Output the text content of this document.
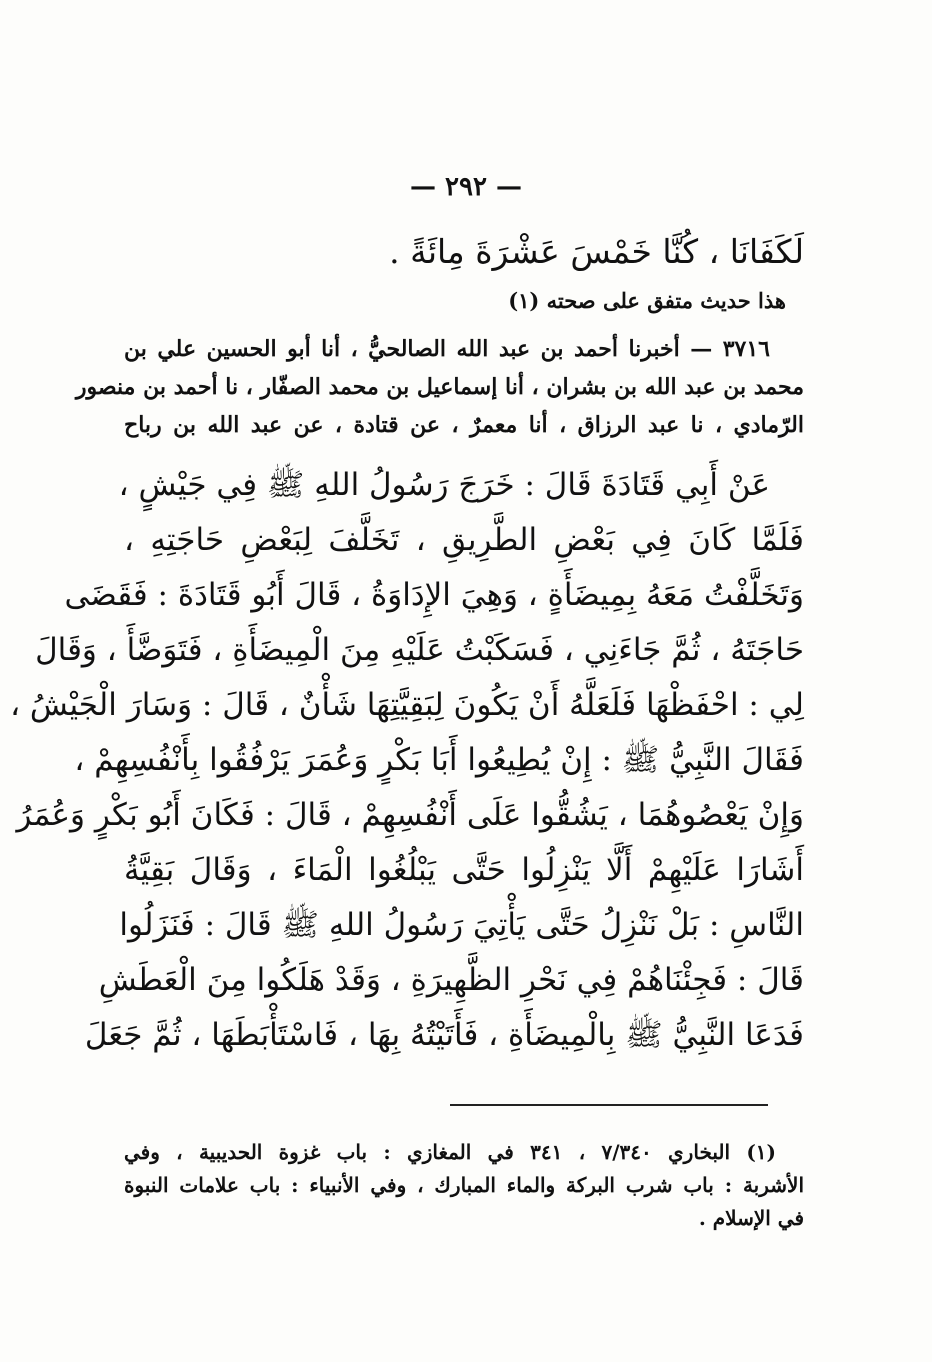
— ٢٩٢ —
لَكَفَانَا ، كُنَّا خَمْسَ عَشْرَةَ مِائَةً .
هذا حديث متفق على صحته (١)
٣٧١٦ — أخبرنا أحمد بن عبد الله الصالحيُّ ، أنا أبو الحسين علي بن
محمد بن عبد الله بن بشران ، أنا إسماعيل بن محمد الصفّار ، نا أحمد بن منصور
الرّمادي ، نا عبد الرزاق ، أنا معمرٌ ، عن قتادة ، عن عبد الله بن رباح
عَنْ أَبِي قَتَادَةَ قَالَ : خَرَجَ رَسُولُ اللهِ ﷺ فِي جَيْشٍ ،
فَلَمَّا كَانَ فِي بَعْضِ الطَّرِيقِ ، تَخَلَّفَ لِبَعْضِ حَاجَتِهِ ،
وَتَخَلَّفْتُ مَعَهُ بِمِيضَأَةٍ ، وَهِيَ الإِدَاوَةُ ، قَالَ أَبُو قَتَادَةَ : فَقَضَى
حَاجَتَهُ ، ثُمَّ جَاءَنِي ، فَسَكَبْتُ عَلَيْهِ مِنَ الْمِيضَأَةِ ، فَتَوَضَّأَ ، وَقَالَ
لِي : احْفَظْهَا فَلَعَلَّهُ أَنْ يَكُونَ لِبَقِيَّتِهَا شَأْنٌ ، قَالَ : وَسَارَ الْجَيْشُ ،
فَقَالَ النَّبِيُّ ﷺ : إِنْ يُطِيعُوا أَبَا بَكْرٍ وَعُمَرَ يَرْفُقُوا بِأَنْفُسِهِمْ ،
وَإِنْ يَعْصُوهُمَا ، يَشُقُّوا عَلَى أَنْفُسِهِمْ ، قَالَ : فَكَانَ أَبُو بَكْرٍ وَعُمَرُ
أَشَارَا عَلَيْهِمْ أَلَّا يَنْزِلُوا حَتَّى يَبْلُغُوا الْمَاءَ ، وَقَالَ بَقِيَّةُ
النَّاسِ : بَلْ نَنْزِلُ حَتَّى يَأْتِيَ رَسُولُ اللهِ ﷺ قَالَ : فَنَزَلُوا
قَالَ : فَجِئْنَاهُمْ فِي نَحْرِ الظَّهِيرَةِ ، وَقَدْ هَلَكُوا مِنَ الْعَطَشِ
فَدَعَا النَّبِيُّ ﷺ بِالْمِيضَأَةِ ، فَأَتَيْتُهُ بِهَا ، فَاسْتَأْبَطَهَا ، ثُمَّ جَعَلَ
(١) البخاري ٧/٣٤٠ ، ٣٤١ في المغازي : باب غزوة الحديبية ، وفي
الأشربة : باب شرب البركة والماء المبارك ، وفي الأنبياء : باب علامات النبوة
في الإسلام .
